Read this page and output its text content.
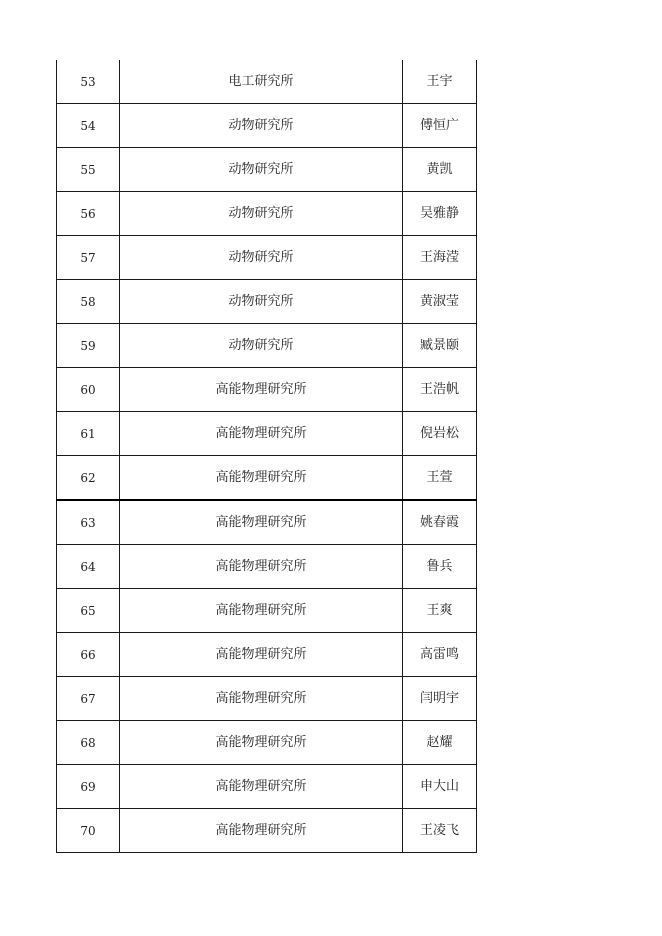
53	电工研究所	王宇
54	动物研究所	傅恒广
55	动物研究所	黄凯
56	动物研究所	吴雅静
57	动物研究所	王海滢
58	动物研究所	黄淑莹
59	动物研究所	臧景颐
60	高能物理研究所	王浩帆
61	高能物理研究所	倪岩松
62	高能物理研究所	王萱
63	高能物理研究所	姚春霞
64	高能物理研究所	鲁兵
65	高能物理研究所	王爽
66	高能物理研究所	高雷鸣
67	高能物理研究所	闫明宇
68	高能物理研究所	赵耀
69	高能物理研究所	申大山
70	高能物理研究所	王凌飞
